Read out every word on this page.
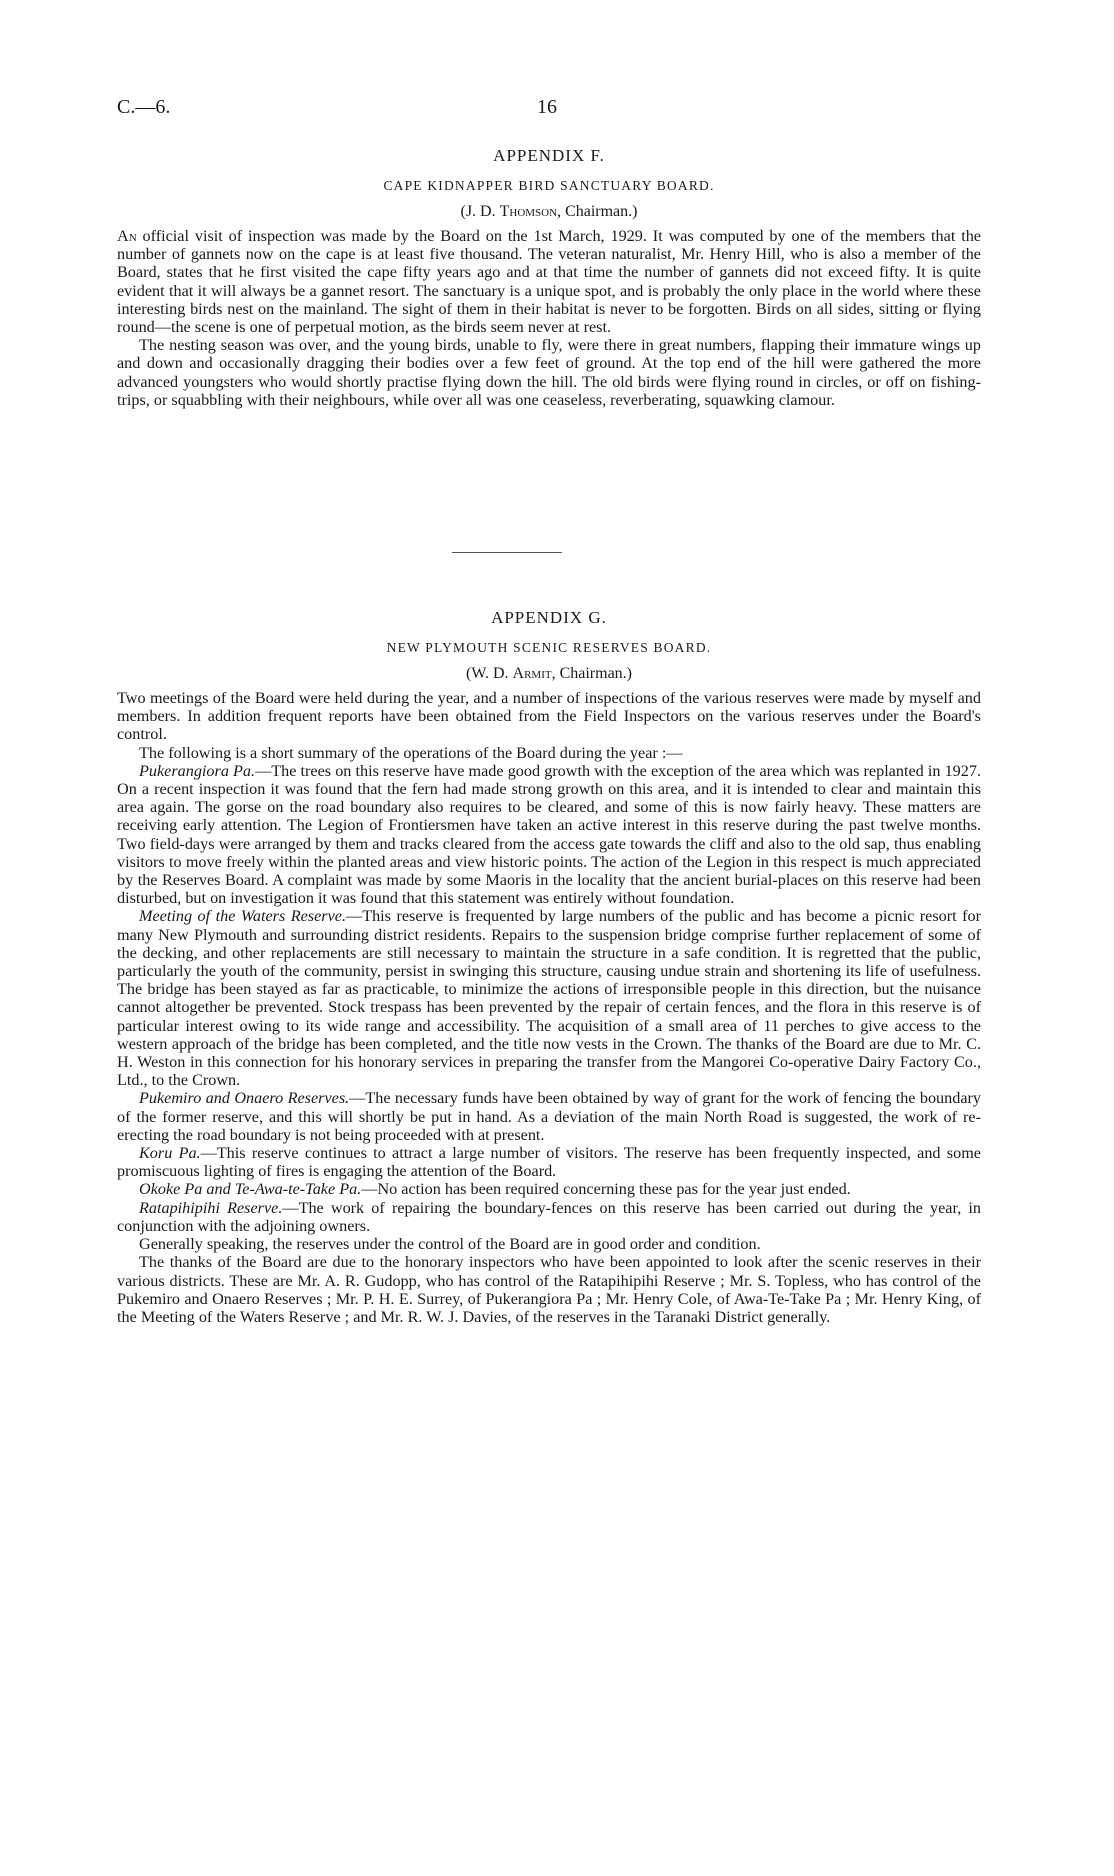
C.—6.	16
APPENDIX F.
CAPE KIDNAPPER BIRD SANCTUARY BOARD.
(J. D. Thomson, Chairman.)

An official visit of inspection was made by the Board on the 1st March, 1929. It was computed by one of the members that the number of gannets now on the cape is at least five thousand. The veteran naturalist, Mr. Henry Hill, who is also a member of the Board, states that he first visited the cape fifty years ago and at that time the number of gannets did not exceed fifty. It is quite evident that it will always be a gannet resort. The sanctuary is a unique spot, and is probably the only place in the world where these interesting birds nest on the mainland. The sight of them in their habitat is never to be forgotten. Birds on all sides, sitting or flying round—the scene is one of perpetual motion, as the birds seem never at rest.

The nesting season was over, and the young birds, unable to fly, were there in great numbers, flapping their immature wings up and down and occasionally dragging their bodies over a few feet of ground. At the top end of the hill were gathered the more advanced youngsters who would shortly practise flying down the hill. The old birds were flying round in circles, or off on fishing-trips, or squabbling with their neighbours, while over all was one ceaseless, reverberating, squawking clamour.

APPENDIX G.
NEW PLYMOUTH SCENIC RESERVES BOARD.
(W. D. Armit, Chairman.)

Two meetings of the Board were held during the year, and a number of inspections of the various reserves were made by myself and members. In addition frequent reports have been obtained from the Field Inspectors on the various reserves under the Board's control.

The following is a short summary of the operations of the Board during the year :—

Pukerangiora Pa.—The trees on this reserve have made good growth with the exception of the area which was replanted in 1927. On a recent inspection it was found that the fern had made strong growth on this area, and it is intended to clear and maintain this area again. The gorse on the road boundary also requires to be cleared, and some of this is now fairly heavy. These matters are receiving early attention. The Legion of Frontiersmen have taken an active interest in this reserve during the past twelve months. Two field-days were arranged by them and tracks cleared from the access gate towards the cliff and also to the old sap, thus enabling visitors to move freely within the planted areas and view historic points. The action of the Legion in this respect is much appreciated by the Reserves Board. A complaint was made by some Maoris in the locality that the ancient burial-places on this reserve had been disturbed, but on investigation it was found that this statement was entirely without foundation.

Meeting of the Waters Reserve.—This reserve is frequented by large numbers of the public and has become a picnic resort for many New Plymouth and surrounding district residents. Repairs to the suspension bridge comprise further replacement of some of the decking, and other replacements are still necessary to maintain the structure in a safe condition. It is regretted that the public, particularly the youth of the community, persist in swinging this structure, causing undue strain and shortening its life of usefulness. The bridge has been stayed as far as practicable, to minimize the actions of irresponsible people in this direction, but the nuisance cannot altogether be prevented. Stock trespass has been prevented by the repair of certain fences, and the flora in this reserve is of particular interest owing to its wide range and accessibility. The acquisition of a small area of 11 perches to give access to the western approach of the bridge has been completed, and the title now vests in the Crown. The thanks of the Board are due to Mr. C. H. Weston in this connection for his honorary services in preparing the transfer from the Mangorei Co-operative Dairy Factory Co., Ltd., to the Crown.

Pukemiro and Onaero Reserves.—The necessary funds have been obtained by way of grant for the work of fencing the boundary of the former reserve, and this will shortly be put in hand. As a deviation of the main North Road is suggested, the work of re-erecting the road boundary is not being proceeded with at present.

Koru Pa.—This reserve continues to attract a large number of visitors. The reserve has been frequently inspected, and some promiscuous lighting of fires is engaging the attention of the Board.

Okoke Pa and Te-Awa-te-Take Pa.—No action has been required concerning these pas for the year just ended.

Ratapihipihi Reserve.—The work of repairing the boundary-fences on this reserve has been carried out during the year, in conjunction with the adjoining owners.

Generally speaking, the reserves under the control of the Board are in good order and condition.

The thanks of the Board are due to the honorary inspectors who have been appointed to look after the scenic reserves in their various districts. These are Mr. A. R. Gudopp, who has control of the Ratapihipihi Reserve ; Mr. S. Topless, who has control of the Pukemiro and Onaero Reserves ; Mr. P. H. E. Surrey, of Pukerangiora Pa ; Mr. Henry Cole, of Awa-Te-Take Pa ; Mr. Henry King, of the Meeting of the Waters Reserve ; and Mr. R. W. J. Davies, of the reserves in the Taranaki District generally.
